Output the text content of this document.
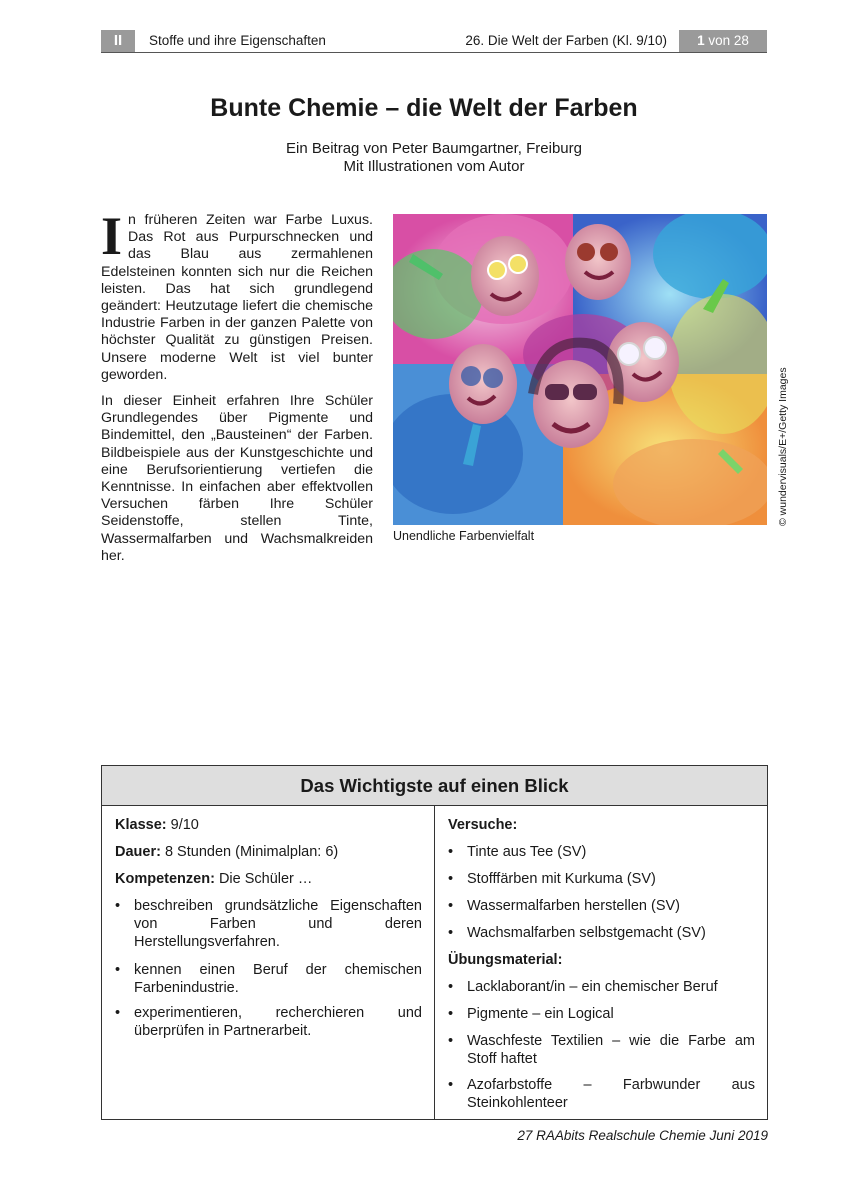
II	Stoffe und ihre Eigenschaften	26. Die Welt der Farben (Kl. 9/10)	1 von 28
Bunte Chemie – die Welt der Farben
Ein Beitrag von Peter Baumgartner, Freiburg
Mit Illustrationen vom Autor

In früheren Zeiten war Farbe Luxus. Das Rot aus Purpurschnecken und das Blau aus zermahlenen Edelsteinen konnten sich nur die Reichen leisten. Das hat sich grundlegend geändert: Heutzutage liefert die chemische Industrie Farben in der ganzen Palette von höchster Qualität zu günstigen Preisen. Unsere moderne Welt ist viel bunter geworden.

In dieser Einheit erfahren Ihre Schüler Grundlegendes über Pigmente und Bindemittel, den „Bausteinen“ der Farben. Bildbeispiele aus der Kunstgeschichte und eine Berufsorientierung vertiefen die Kenntnisse. In einfachen aber effektvollen Versuchen färben Ihre Schüler Seidenstoffe, stellen Tinte, Wassermalfarben und Wachsmalkreiden her.

Unendliche Farbenvielfalt
© wundervisuals/E+/Getty Images
Das Wichtigste auf einen Blick
Klasse: 9/10
Dauer: 8 Stunden (Minimalplan: 6)
Kompetenzen: Die Schüler …
• beschreiben grundsätzliche Eigenschaften von Farben und deren Herstellungsverfahren.
• kennen einen Beruf der chemischen Farbenindustrie.
• experimentieren, recherchieren und überprüfen in Partnerarbeit.
Versuche:
• Tinte aus Tee (SV)
• Stofffärben mit Kurkuma (SV)
• Wassermalfarben herstellen (SV)
• Wachsmalfarben selbstgemacht (SV)
Übungsmaterial:
• Lacklaborant/in – ein chemischer Beruf
• Pigmente – ein Logical
• Waschfeste Textilien – wie die Farbe am Stoff haftet
• Azofarbstoffe – Farbwunder aus Steinkohlenteer
27 RAAbits Realschule Chemie Juni 2019
